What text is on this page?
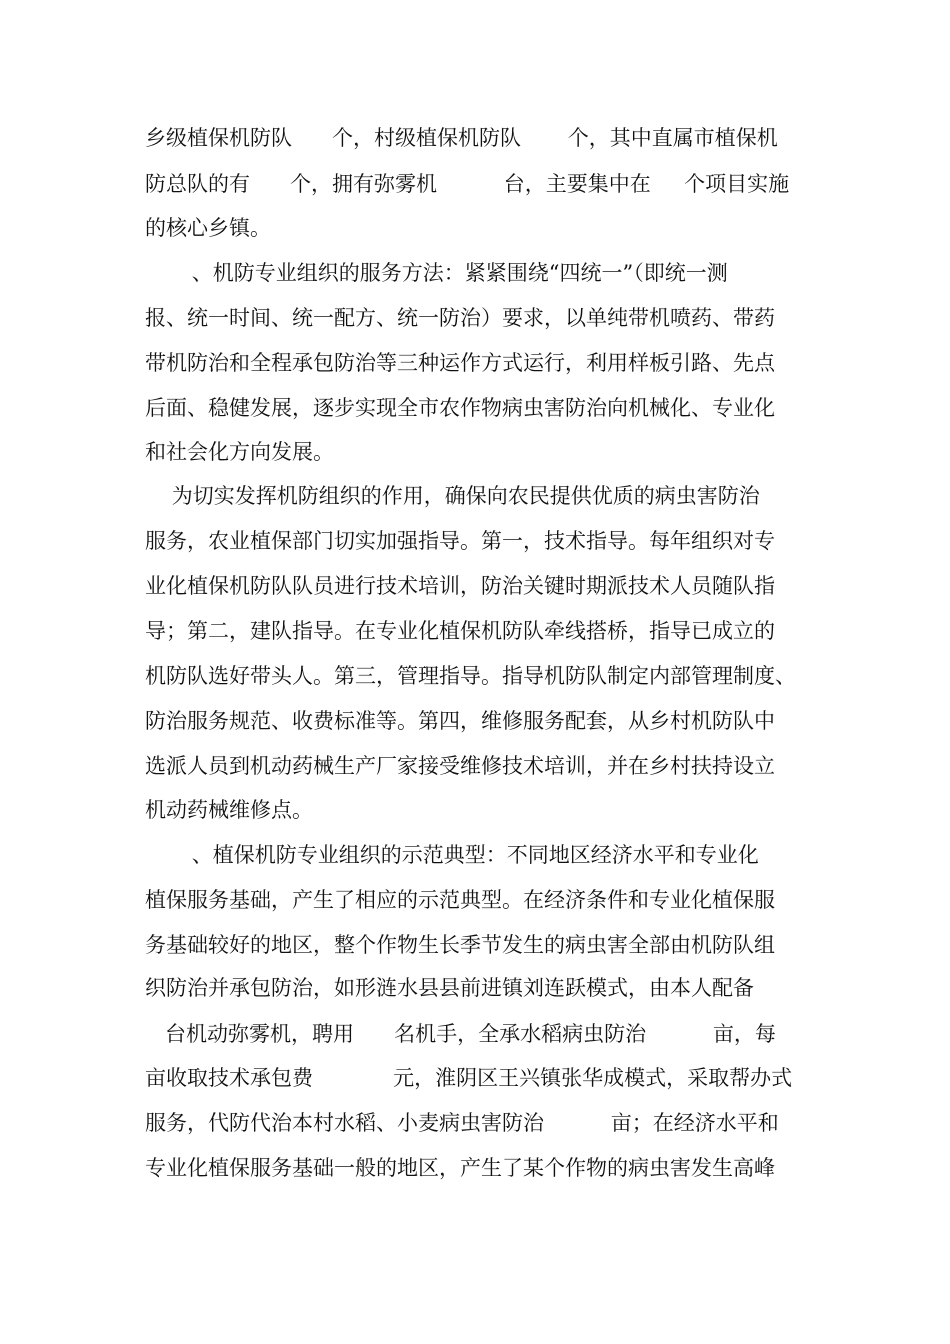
乡级植保机防队      个，村级植保机防队       个，其中直属市植保机
防总队的有      个，拥有弥雾机          台，主要集中在     个项目实施
的核心乡镇。
、机防专业组织的服务方法：紧紧围绕“四统一”（即统一测
报、统一时间、统一配方、统一防治）要求，以单纯带机喷药、带药
带机防治和全程承包防治等三种运作方式运行，利用样板引路、先点
后面、稳健发展，逐步实现全市农作物病虫害防治向机械化、专业化
和社会化方向发展。
为切实发挥机防组织的作用，确保向农民提供优质的病虫害防治
服务，农业植保部门切实加强指导。第一，技术指导。每年组织对专
业化植保机防队队员进行技术培训，防治关键时期派技术人员随队指
导；第二，建队指导。在专业化植保机防队牵线搭桥，指导已成立的
机防队选好带头人。第三，管理指导。指导机防队制定内部管理制度、
防治服务规范、收费标准等。第四，维修服务配套，从乡村机防队中
选派人员到机动药械生产厂家接受维修技术培训，并在乡村扶持设立
机动药械维修点。
、植保机防专业组织的示范典型：不同地区经济水平和专业化
植保服务基础，产生了相应的示范典型。在经济条件和专业化植保服
务基础较好的地区，整个作物生长季节发生的病虫害全部由机防队组
织防治并承包防治，如形涟水县县前进镇刘连跃模式，由本人配备
台机动弥雾机，聘用      名机手，全承水稻病虫防治          亩，每
亩收取技术承包费            元，淮阴区王兴镇张华成模式，采取帮办式
服务，代防代治本村水稻、小麦病虫害防治          亩；在经济水平和
专业化植保服务基础一般的地区，产生了某个作物的病虫害发生高峰
